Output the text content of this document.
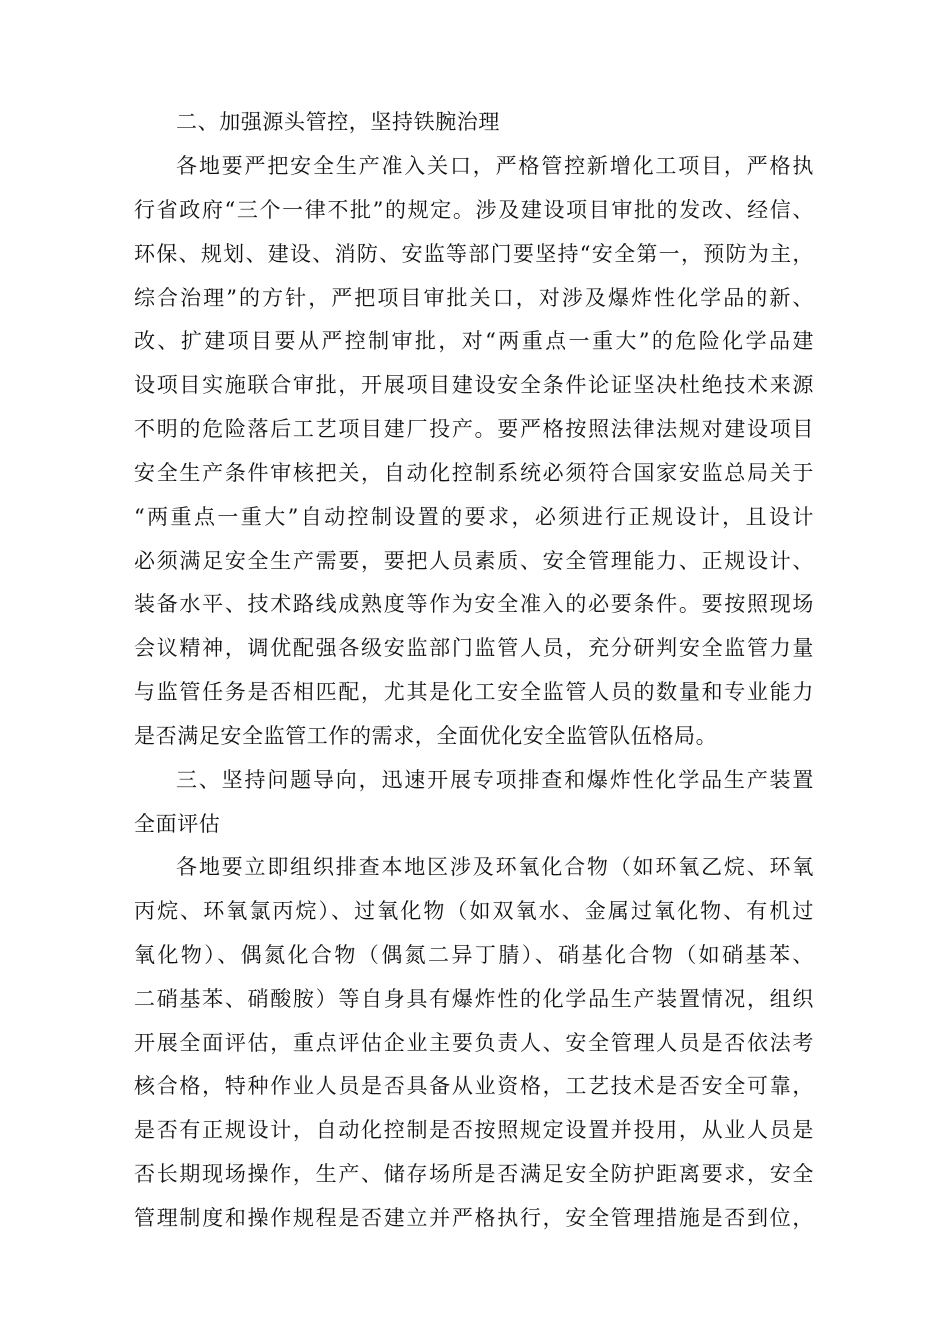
二、加强源头管控，坚持铁腕治理
各地要严把安全生产准入关口，严格管控新增化工项目，严格执
行省政府“三个一律不批”的规定。涉及建设项目审批的发改、经信、
环保、规划、建设、消防、安监等部门要坚持“安全第一，预防为主，
综合治理”的方针，严把项目审批关口，对涉及爆炸性化学品的新、
改、扩建项目要从严控制审批，对“两重点一重大”的危险化学品建
设项目实施联合审批，开展项目建设安全条件论证坚决杜绝技术来源
不明的危险落后工艺项目建厂投产。要严格按照法律法规对建设项目
安全生产条件审核把关，自动化控制系统必须符合国家安监总局关于
“两重点一重大”自动控制设置的要求，必须进行正规设计，且设计
必须满足安全生产需要，要把人员素质、安全管理能力、正规设计、
装备水平、技术路线成熟度等作为安全准入的必要条件。要按照现场
会议精神，调优配强各级安监部门监管人员，充分研判安全监管力量
与监管任务是否相匹配，尤其是化工安全监管人员的数量和专业能力
是否满足安全监管工作的需求，全面优化安全监管队伍格局。
三、坚持问题导向，迅速开展专项排查和爆炸性化学品生产装置
全面评估
各地要立即组织排查本地区涉及环氧化合物（如环氧乙烷、环氧
丙烷、环氧氯丙烷）、过氧化物（如双氧水、金属过氧化物、有机过
氧化物）、偶氮化合物（偶氮二异丁腈）、硝基化合物（如硝基苯、
二硝基苯、硝酸胺）等自身具有爆炸性的化学品生产装置情况，组织
开展全面评估，重点评估企业主要负责人、安全管理人员是否依法考
核合格，特种作业人员是否具备从业资格，工艺技术是否安全可靠，
是否有正规设计，自动化控制是否按照规定设置并投用，从业人员是
否长期现场操作，生产、储存场所是否满足安全防护距离要求，安全
管理制度和操作规程是否建立并严格执行，安全管理措施是否到位，
